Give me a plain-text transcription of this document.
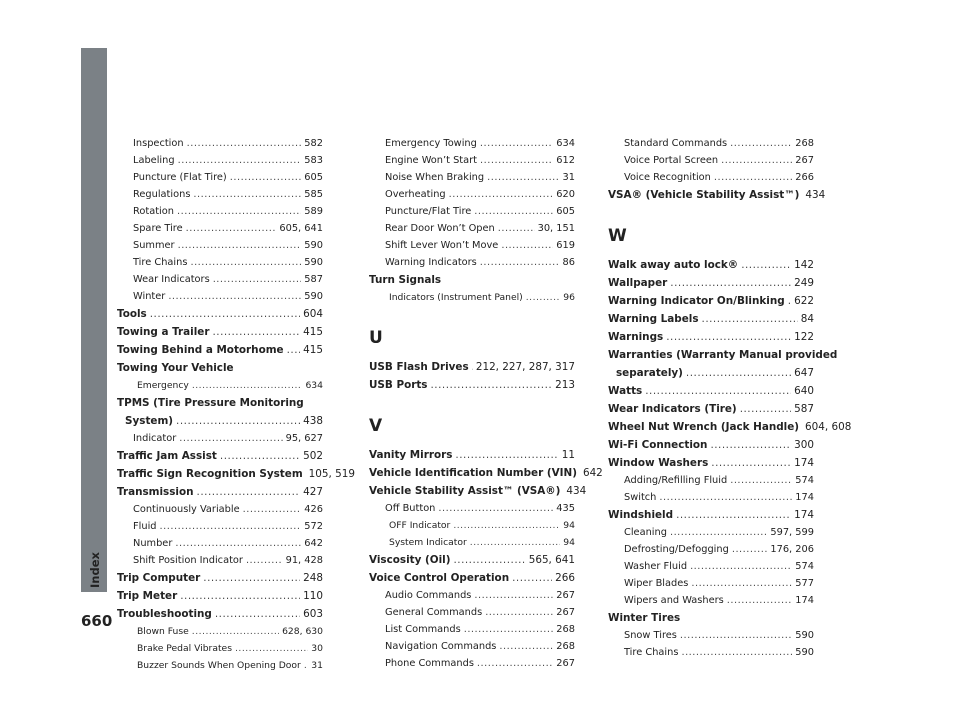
Index
660
Inspection .....	582
Labeling .....	583
Puncture (Flat Tire) .....	605
Regulations .....	585
Rotation .....	589
Spare Tire .....	605, 641
Summer .....	590
Tire Chains .....	590
Wear Indicators .....	587
Winter .....	590
Tools .....	604
Towing a Trailer .....	415
Towing Behind a Motorhome ..... 415
Towing Your Vehicle
Emergency .....	634
TPMS (Tire Pressure Monitoring
System) .....	438
Indicator .....	95, 627
Traffic Jam Assist .....	502
Traffic Sign Recognition System 105, 519
Transmission .....	427
Continuously Variable .....	426
Fluid .....	572
Number .....	642
Shift Position Indicator .....	91, 428
Trip Computer .....	248
Trip Meter .....	110
Troubleshooting .....	603
Blown Fuse .....	628, 630
Brake Pedal Vibrates .....	30
Buzzer Sounds When Opening Door ..... 31
Emergency Towing .....	634
Engine Won’t Start .....	612
Noise When Braking .....	31
Overheating .....	620
Puncture/Flat Tire .....	605
Rear Door Won’t Open .....	30, 151
Shift Lever Won’t Move .....	619
Warning Indicators .....	86
Turn Signals
Indicators (Instrument Panel) .....	96
U
USB Flash Drives ..... 212, 227, 287, 317
USB Ports .....	213
V
Vanity Mirrors .....	11
Vehicle Identification Number (VIN) 642
Vehicle Stability Assist™ (VSA®) 434
Off Button .....	435
OFF Indicator .....	94
System Indicator .....	94
Viscosity (Oil) .....	565, 641
Voice Control Operation .....	266
Audio Commands .....	267
General Commands .....	267
List Commands .....	268
Navigation Commands .....	268
Phone Commands .....	267
Standard Commands .....	268
Voice Portal Screen .....	267
Voice Recognition .....	266
VSA® (Vehicle Stability Assist™) 434
W
Walk away auto lock® .....	142
Wallpaper .....	249
Warning Indicator On/Blinking ..... 622
Warning Labels .....	84
Warnings .....	122
Warranties (Warranty Manual provided
separately) .....	647
Watts .....	640
Wear Indicators (Tire) .....	587
Wheel Nut Wrench (Jack Handle) 604, 608
Wi-Fi Connection .....	300
Window Washers .....	174
Adding/Refilling Fluid .....	574
Switch .....	174
Windshield .....	174
Cleaning .....	597, 599
Defrosting/Defogging .....	176, 206
Washer Fluid .....	574
Wiper Blades .....	577
Wipers and Washers .....	174
Winter Tires
Snow Tires .....	590
Tire Chains .....	590
